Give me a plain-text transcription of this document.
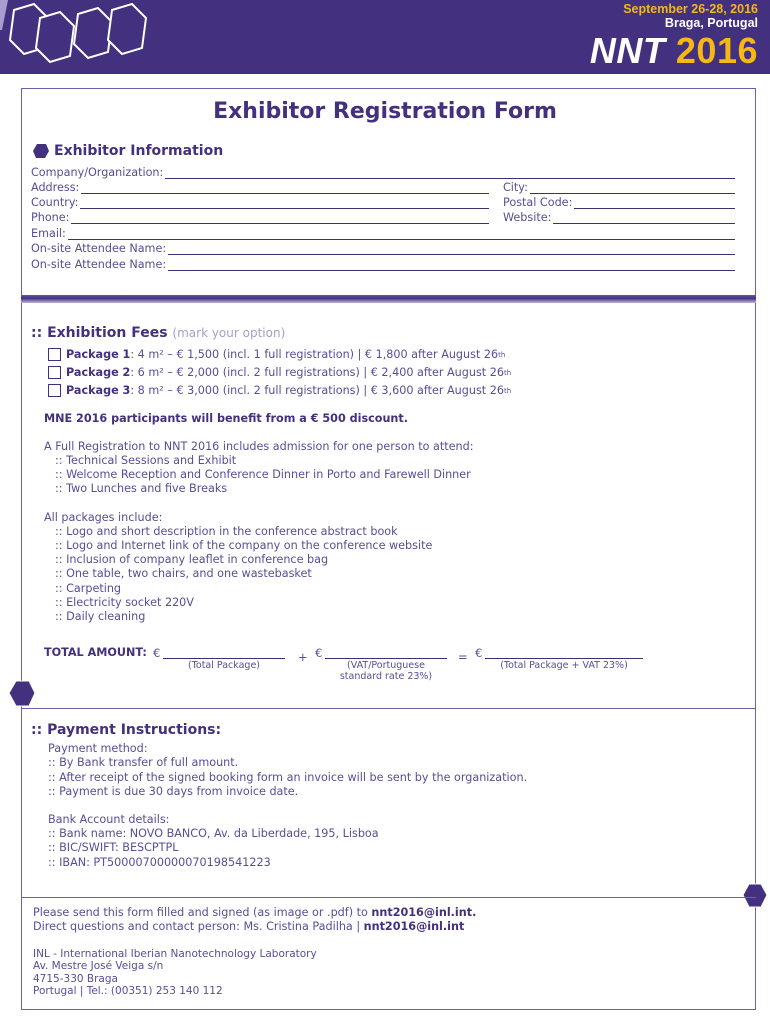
September 26-28, 2016
Braga, Portugal
NNT 2016
Exhibitor Registration Form
Exhibitor Information
Company/Organization:
Address:	City:
Country:	Postal Code:
Phone:	Website:
Email:
On-site Attendee Name:
On-site Attendee Name:
:: Exhibition Fees (mark your option)
Package 1 : 4 m² – € 1,500 (incl. 1 full registration) | € 1,800 after August 26 th
Package 2 : 6 m² – € 2,000 (incl. 2 full registrations) | € 2,400 after August 26 th
Package 3 : 8 m² – € 3,000 (incl. 2 full registrations) | € 3,600 after August 26 th
MNE 2016 participants will benefit from a € 500 discount.
A Full Registration to NNT 2016 includes admission for one person to attend:
:: Technical Sessions and Exhibit
:: Welcome Reception and Conference Dinner in Porto and Farewell Dinner
:: Two Lunches and five Breaks
All packages include:
:: Logo and short description in the conference abstract book
:: Logo and Internet link of the company on the conference website
:: Inclusion of company leaflet in conference bag
:: One table, two chairs, and one wastebasket
:: Carpeting
:: Electricity socket 220V
:: Daily cleaning
TOTAL AMOUNT: €
(Total Package)
+ €
(VAT/Portuguese
standard rate 23%)
= €
(Total Package + VAT 23%)
:: Payment Instructions:
Payment method:
:: By Bank transfer of full amount.
:: After receipt of the signed booking form an invoice will be sent by the organization.
:: Payment is due 30 days from invoice date.
Bank Account details:
:: Bank name: NOVO BANCO, Av. da Liberdade, 195, Lisboa
:: BIC/SWIFT: BESCPTPL
:: IBAN: PT50000700000070198541223
Please send this form filled and signed (as image or .pdf) to nnt2016@inl.int.
Direct questions and contact person: Ms. Cristina Padilha | nnt2016@inl.int
INL - International Iberian Nanotechnology Laboratory
Av. Mestre José Veiga s/n
4715-330 Braga
Portugal | Tel.: (00351) 253 140 112
